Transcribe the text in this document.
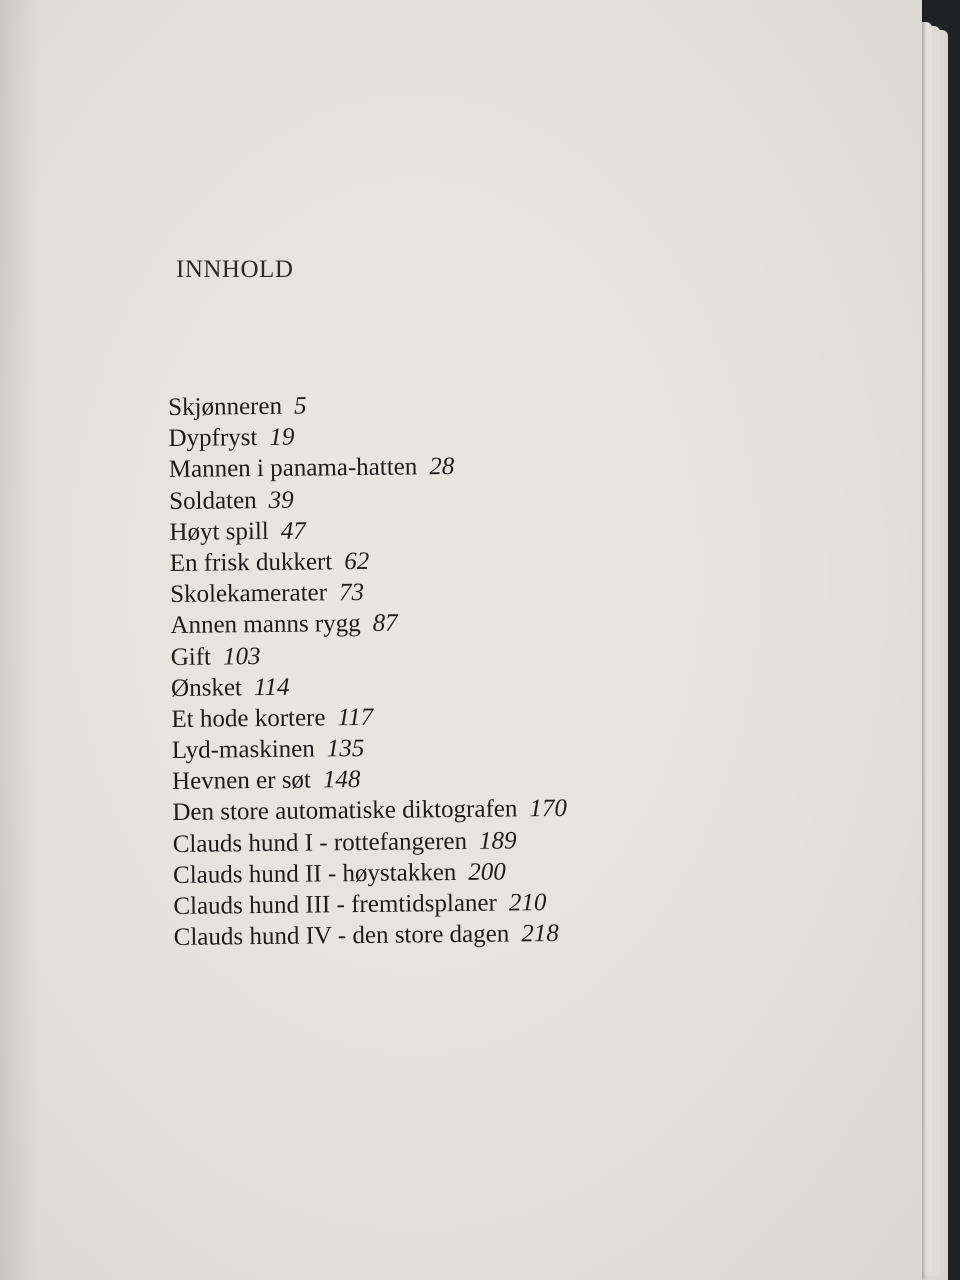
INNHOLD
Skjønneren 5
Dypfryst 19
Mannen i panama-hatten 28
Soldaten 39
Høyt spill 47
En frisk dukkert 62
Skolekamerater 73
Annen manns rygg 87
Gift 103
Ønsket 114
Et hode kortere 117
Lyd-maskinen 135
Hevnen er søt 148
Den store automatiske diktografen 170
Clauds hund I - rottefangeren 189
Clauds hund II - høystakken 200
Clauds hund III - fremtidsplaner 210
Clauds hund IV - den store dagen 218
